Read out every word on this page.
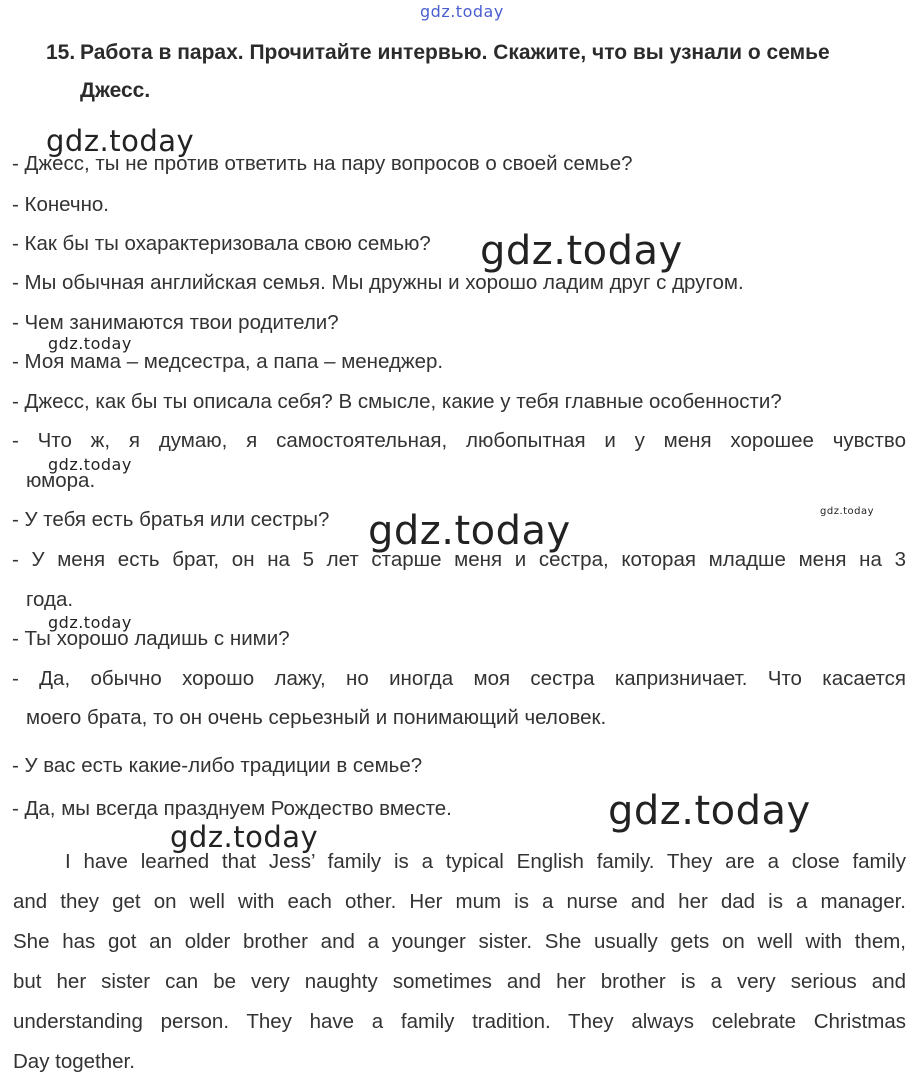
gdz.today
gdz.today
gdz.today
gdz.today
gdz.today
gdz.today
gdz.today
gdz.today
gdz.today
gdz.today
15. Работа в парах. Прочитайте интервью. Скажите, что вы узнали о семье
Джесс.
- Джесс, ты не против ответить на пару вопросов о своей семье?
- Конечно.
- Как бы ты охарактеризовала свою семью?
- Мы обычная английская семья. Мы дружны и хорошо ладим друг с другом.
- Чем занимаются твои родители?
- Моя мама – медсестра, а папа – менеджер.
- Джесс, как бы ты описала себя? В смысле, какие у тебя главные особенности?
- Что ж, я думаю, я самостоятельная, любопытная и у меня хорошее чувство
юмора.
- У тебя есть братья или сестры?
- У меня есть брат, он на 5 лет старше меня и сестра, которая младше меня на 3
года.
- Ты хорошо ладишь с ними?
- Да, обычно хорошо лажу, но иногда моя сестра капризничает. Что касается
моего брата, то он очень серьезный и понимающий человек.
- У вас есть какие-либо традиции в семье?
- Да, мы всегда празднуем Рождество вместе.
I have learned that Jess’ family is a typical English family. They are a close family
and they get on well with each other. Her mum is a nurse and her dad is a manager.
She has got an older brother and a younger sister. She usually gets on well with them,
but her sister can be very naughty sometimes and her brother is a very serious and
understanding person. They have a family tradition. They always celebrate Christmas
Day together.
